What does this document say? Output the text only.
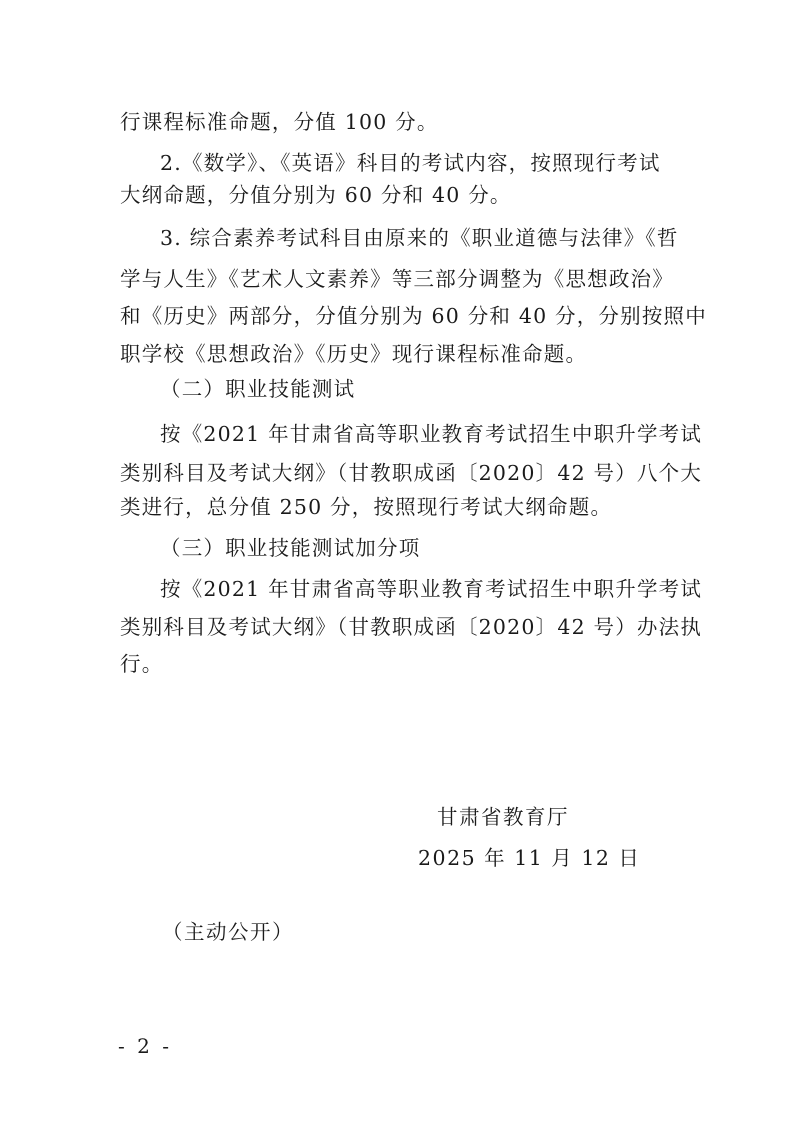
行课程标准命题，分值 100 分。
2.《数学》、《英语》科目的考试内容，按照现行考试
大纲命题，分值分别为 60 分和 40 分。
3. 综合素养考试科目由原来的《职业道德与法律》《哲
学与人生》《艺术人文素养》等三部分调整为《思想政治》
和《历史》两部分，分值分别为 60 分和 40 分，分别按照中
职学校《思想政治》《历史》现行课程标准命题。
（二）职业技能测试
按《2021 年甘肃省高等职业教育考试招生中职升学考试
类别科目及考试大纲》（甘教职成函〔2020〕42 号）八个大
类进行，总分值 250 分，按照现行考试大纲命题。
（三）职业技能测试加分项
按《2021 年甘肃省高等职业教育考试招生中职升学考试
类别科目及考试大纲》（甘教职成函〔2020〕42 号）办法执
行。
甘肃省教育厅
2025 年 11 月 12 日
（主动公开）
- 2 -
